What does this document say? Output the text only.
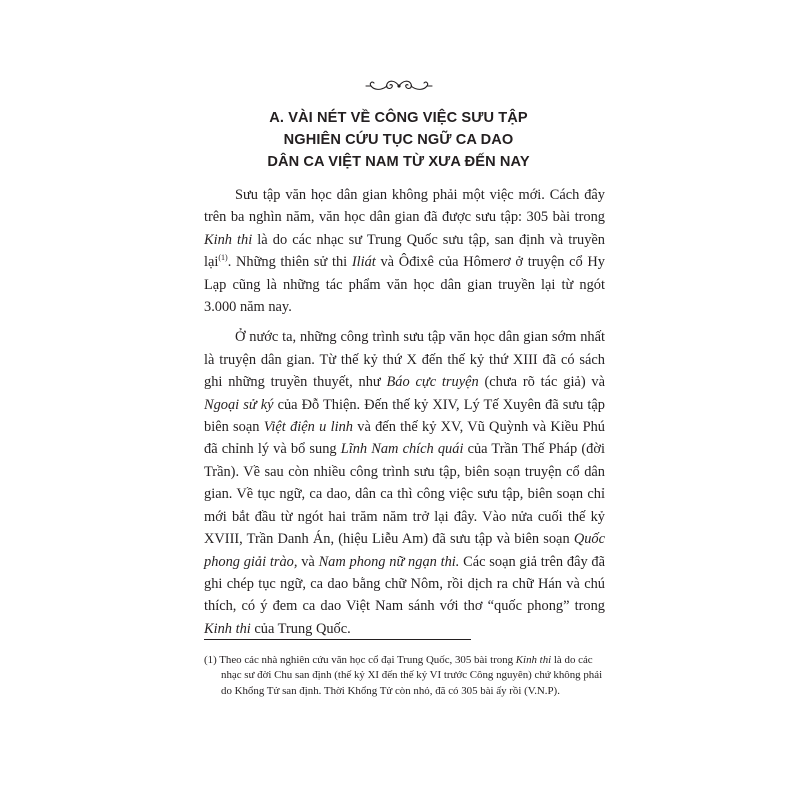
A. VÀI NÉT VỀ CÔNG VIỆC SƯU TẬP
NGHIÊN CỨU TỤC NGỮ CA DAO
DÂN CA VIỆT NAM TỪ XƯA ĐẾN NAY

Sưu tập văn học dân gian không phải một việc mới. Cách đây trên ba nghìn năm, văn học dân gian đã được sưu tập: 305 bài trong Kinh thi là do các nhạc sư Trung Quốc sưu tập, san định và truyền lại$^{(1)}$. Những thiên sử thi Iliát và Ôđixê của Hômerơ ở truyện cổ Hy Lạp cũng là những tác phẩm văn học dân gian truyền lại từ ngót 3.000 năm nay.

Ở nước ta, những công trình sưu tập văn học dân gian sớm nhất là truyện dân gian. Từ thế kỷ thứ X đến thế kỷ thứ XIII đã có sách ghi những truyền thuyết, như Báo cực truyện (chưa rõ tác giả) và Ngoại sử ký của Đỗ Thiện. Đến thế kỷ XIV, Lý Tế Xuyên đã sưu tập biên soạn Việt điện u linh và đến thế kỷ XV, Vũ Quỳnh và Kiều Phú đã chỉnh lý và bổ sung Lĩnh Nam chích quái của Trần Thế Pháp (đời Trần). Về sau còn nhiều công trình sưu tập, biên soạn truyện cổ dân gian. Về tục ngữ, ca dao, dân ca thì công việc sưu tập, biên soạn chỉ mới bắt đầu từ ngót hai trăm năm trở lại đây. Vào nửa cuối thế kỷ XVIII, Trần Danh Án, (hiệu Liễu Am) đã sưu tập và biên soạn Quốc phong giải trào, và Nam phong nữ ngạn thi. Các soạn giả trên đây đã ghi chép tục ngữ, ca dao bằng chữ Nôm, rồi dịch ra chữ Hán và chú thích, có ý đem ca dao Việt Nam sánh với thơ “quốc phong” trong Kinh thi của Trung Quốc.

(1) Theo các nhà nghiên cứu văn học cổ đại Trung Quốc, 305 bài trong Kinh thi là do các nhạc sư đời Chu san định (thế kỷ XI đến thế kỷ VI trước Công nguyên) chứ không phải do Khổng Tử san định. Thời Khổng Tử còn nhỏ, đã có 305 bài ấy rồi (V.N.P).
